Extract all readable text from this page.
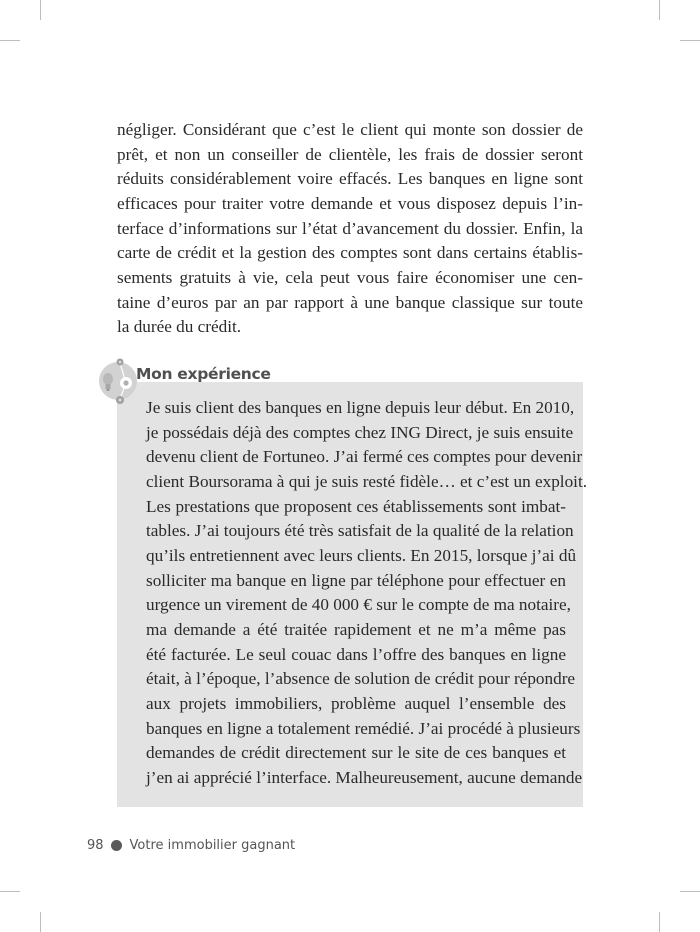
négliger. Considérant que c’est le client qui monte son dossier de
prêt, et non un conseiller de clientèle, les frais de dossier seront
réduits considérablement voire effacés. Les banques en ligne sont
efficaces pour traiter votre demande et vous disposez depuis l’in-
terface d’informations sur l’état d’avancement du dossier. Enfin, la
carte de crédit et la gestion des comptes sont dans certains établis-
sements gratuits à vie, cela peut vous faire économiser une cen-
taine d’euros par an par rapport à une banque classique sur toute
la durée du crédit.

Mon expérience
Je suis client des banques en ligne depuis leur début. En 2010,
je possédais déjà des comptes chez ING Direct, je suis ensuite
devenu client de Fortuneo. J’ai fermé ces comptes pour devenir
client Boursorama à qui je suis resté fidèle… et c’est un exploit.
Les prestations que proposent ces établissements sont imbat-
tables. J’ai toujours été très satisfait de la qualité de la relation
qu’ils entretiennent avec leurs clients. En 2015, lorsque j’ai dû
solliciter ma banque en ligne par téléphone pour effectuer en
urgence un virement de 40 000 € sur le compte de ma notaire,
ma demande a été traitée rapidement et ne m’a même pas
été facturée. Le seul couac dans l’offre des banques en ligne
était, à l’époque, l’absence de solution de crédit pour répondre
aux projets immobiliers, problème auquel l’ensemble des
banques en ligne a totalement remédié. J’ai procédé à plusieurs
demandes de crédit directement sur le site de ces banques et
j’en ai apprécié l’interface. Malheureusement, aucune demande
98 Votre immobilier gagnant
